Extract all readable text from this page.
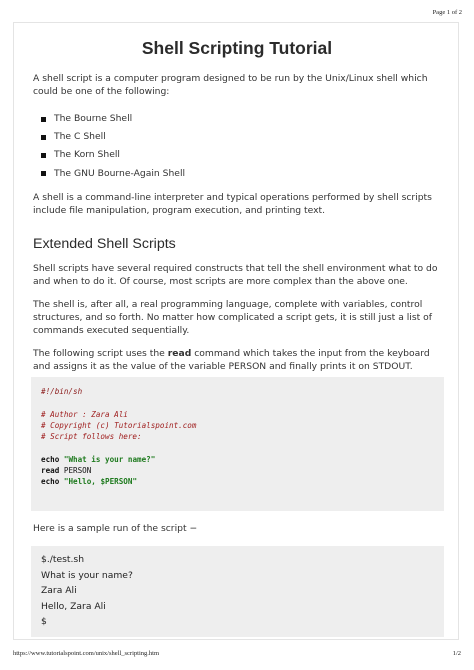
Page 1 of 2
Shell Scripting Tutorial

A shell script is a computer program designed to be run by the Unix/Linux shell which could be one of the following:

The Bourne Shell
The C Shell
The Korn Shell
The GNU Bourne-Again Shell

A shell is a command-line interpreter and typical operations performed by shell scripts include file manipulation, program execution, and printing text.

Extended Shell Scripts

Shell scripts have several required constructs that tell the shell environment what to do and when to do it. Of course, most scripts are more complex than the above one.

The shell is, after all, a real programming language, complete with variables, control structures, and so forth. No matter how complicated a script gets, it is still just a list of commands executed sequentially.

The following script uses the read command which takes the input from the keyboard and assigns it as the value of the variable PERSON and finally prints it on STDOUT.

#!/bin/sh
# Author : Zara Ali
# Copyright (c) Tutorialspoint.com
# Script follows here:
echo "What is your name?"
read PERSON
echo "Hello, $PERSON"
Here is a sample run of the script −
$./test.sh
What is your name?
Zara Ali
Hello, Zara Ali
$
https://www.tutorialspoint.com/unix/shell_scripting.htm	1/2
